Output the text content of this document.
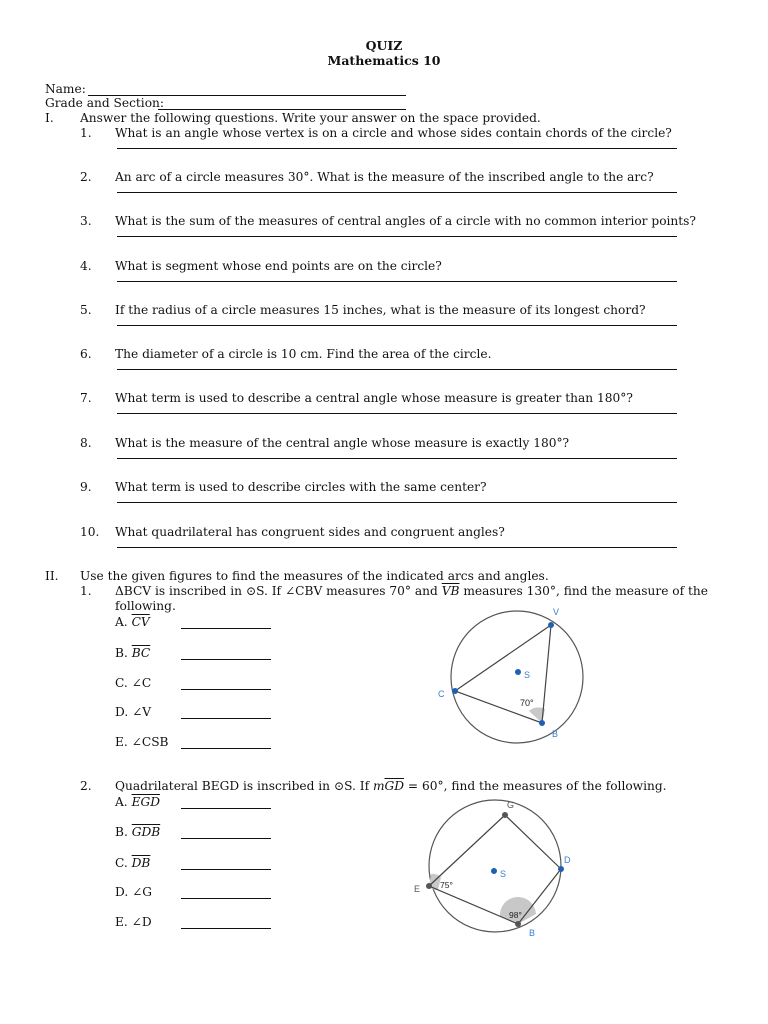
QUIZ
Mathematics 10
Name:
Grade and Section:
I. Answer the following questions. Write your answer on the space provided.
1. What is an angle whose vertex is on a circle and whose sides contain chords of the circle?
2. An arc of a circle measures 30°. What is the measure of the inscribed angle to the arc?
3. What is the sum of the measures of central angles of a circle with no common interior points?
4. What is segment whose end points are on the circle?
5. If the radius of a circle measures 15 inches, what is the measure of its longest chord?
6. The diameter of a circle is 10 cm. Find the area of the circle.
7. What term is used to describe a central angle whose measure is greater than 180°?
8. What is the measure of the central angle whose measure is exactly 180°?
9. What term is used to describe circles with the same center?
10. What quadrilateral has congruent sides and congruent angles?
II. Use the given figures to find the measures of the indicated arcs and angles.
1. ΔBCV is inscribed in ⊙S. If ∠CBV measures 70° and $\overline{VB}$ measures 130°, find the measure of the
following.
A. $\overline{CV}$
B. $\overline{BC}$
C. ∠C
D. ∠V
E. ∠CSB
V
C
B
S
70°
2. Quadrilateral BEGD is inscribed in ⊙S. If $m\overline{GD} = 60^\circ$, find the measures of the following.
A. $\overline{EGD}$
B. $\overline{GDB}$
C. $\overline{DB}$
D. ∠G
E. ∠D
G
D
E
B
S
75°
98°
